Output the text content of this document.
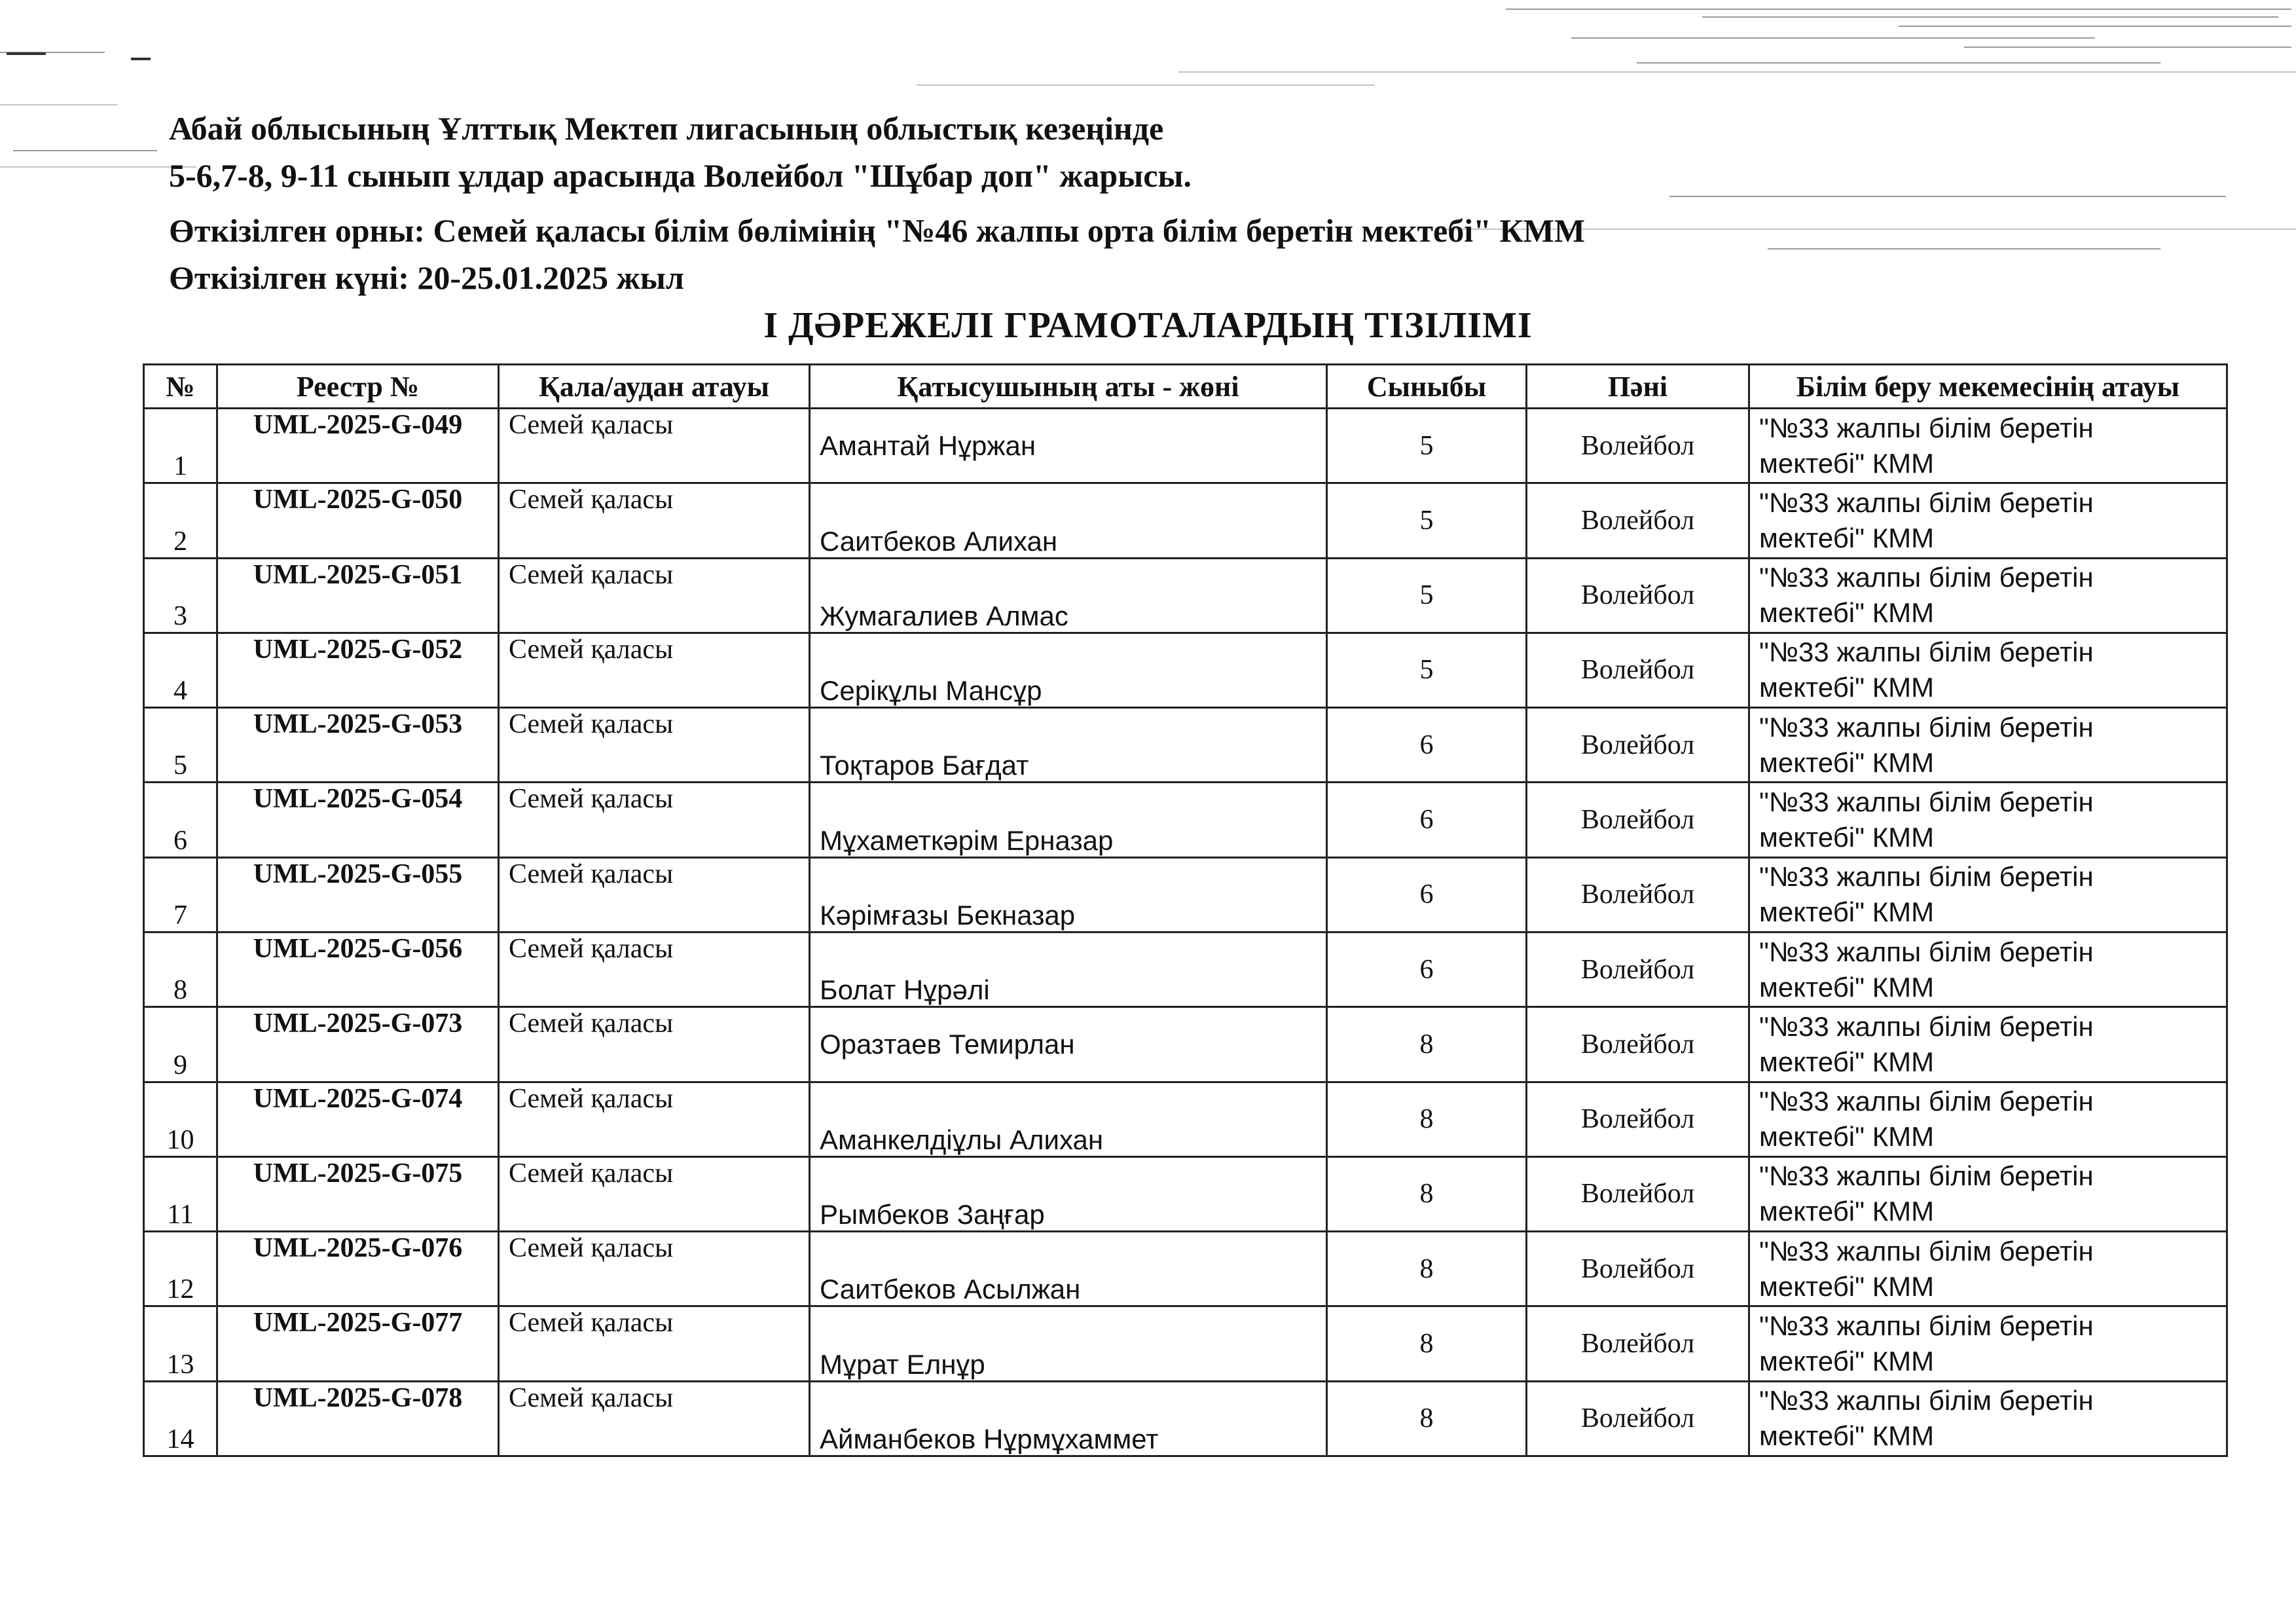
Абай облысының Ұлттық Мектеп лигасының облыстық кезеңінде
5-6,7-8, 9-11 сынып ұлдар арасында Волейбол "Шұбар доп" жарысы.
Өткізілген орны: Семей қаласы білім бөлімінің "№46 жалпы орта білім беретін мектебі" КММ
Өткізілген күні: 20-25.01.2025 жыл
І ДӘРЕЖЕЛІ ГРАМОТАЛАРДЫҢ ТІЗІЛІМІ
№	Реестр №	Қала/аудан атауы	Қатысушының аты - жөні	Сыныбы	Пәні	Білім беру мекемесінің атауы
1	UML-2025-G-049	Семей қаласы	Амантай Нұржан	5	Волейбол	"№33 жалпы білім беретін
мектебі" КММ

2	UML-2025-G-050	Семей қаласы	Саитбеков Алихан	5	Волейбол	"№33 жалпы білім беретін
мектебі" КММ

3	UML-2025-G-051	Семей қаласы	Жумагалиев Алмас	5	Волейбол	"№33 жалпы білім беретін
мектебі" КММ

4	UML-2025-G-052	Семей қаласы	Серікұлы Мансұр	5	Волейбол	"№33 жалпы білім беретін
мектебі" КММ

5	UML-2025-G-053	Семей қаласы	Тоқтаров Бағдат	6	Волейбол	"№33 жалпы білім беретін
мектебі" КММ

6	UML-2025-G-054	Семей қаласы	Мұхаметкәрім Ерназар	6	Волейбол	"№33 жалпы білім беретін
мектебі" КММ

7	UML-2025-G-055	Семей қаласы	Кәрімғазы Бекназар	6	Волейбол	"№33 жалпы білім беретін
мектебі" КММ

8	UML-2025-G-056	Семей қаласы	Болат Нұрәлі	6	Волейбол	"№33 жалпы білім беретін
мектебі" КММ

9	UML-2025-G-073	Семей қаласы	Оразтаев Темирлан	8	Волейбол	"№33 жалпы білім беретін
мектебі" КММ

10	UML-2025-G-074	Семей қаласы	Аманкелдіұлы Алихан	8	Волейбол	"№33 жалпы білім беретін
мектебі" КММ

11	UML-2025-G-075	Семей қаласы	Рымбеков Заңғар	8	Волейбол	"№33 жалпы білім беретін
мектебі" КММ

12	UML-2025-G-076	Семей қаласы	Саитбеков Асылжан	8	Волейбол	"№33 жалпы білім беретін
мектебі" КММ

13	UML-2025-G-077	Семей қаласы	Мұрат Елнұр	8	Волейбол	"№33 жалпы білім беретін
мектебі" КММ

14	UML-2025-G-078	Семей қаласы	Айманбеков Нұрмұхаммет	8	Волейбол	"№33 жалпы білім беретін
мектебі" КММ
